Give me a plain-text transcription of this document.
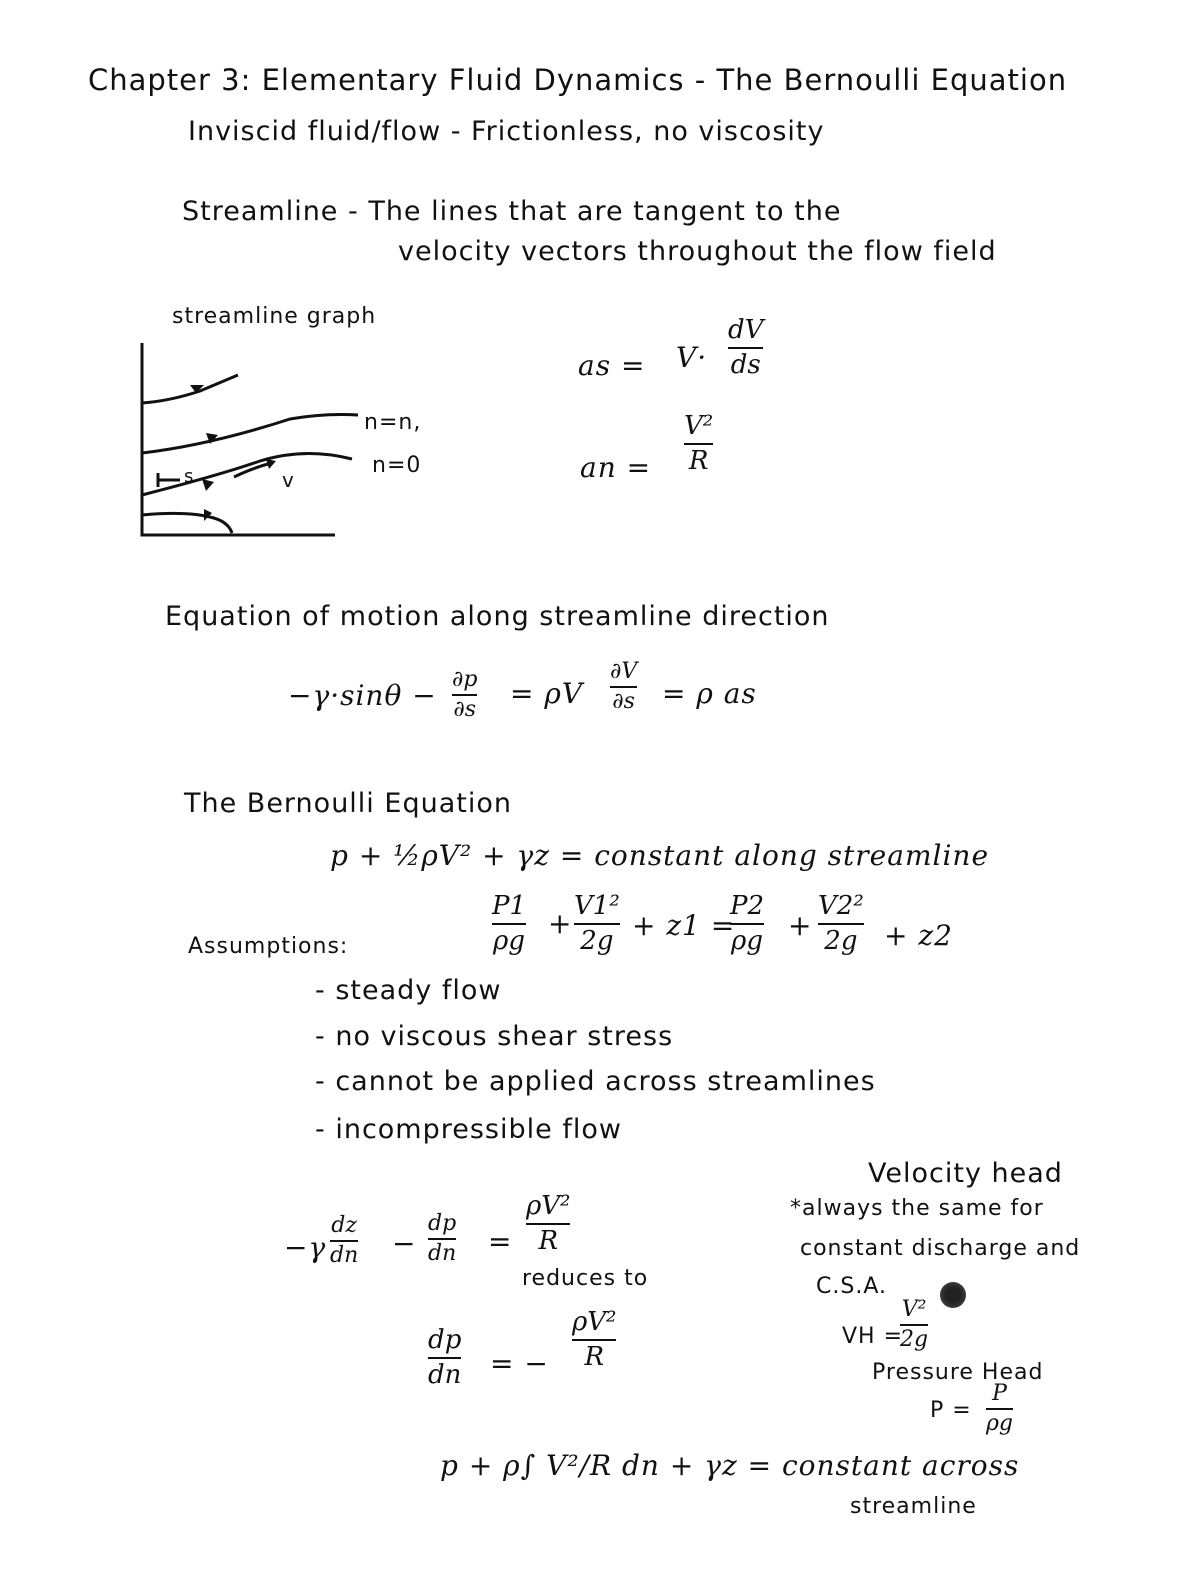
Chapter 3: Elementary Fluid Dynamics - The Bernoulli Equation
Inviscid fluid/flow - Frictionless, no viscosity
Streamline - The lines that are tangent to the
velocity vectors throughout the flow field
streamline graph
n=n,
n=0
s	v
as = V·
dV
ds
an =
V²
R
Equation of motion along streamline direction
−γ·sinθ − ∂p
∂s = ρV
∂V
∂s = ρ as
The Bernoulli Equation
p + ½ρV² + γz = constant along streamline
P1
ρg
+
V1²
2g + z1 =
P2
ρg +
V2²
2g + z2
Assumptions:
- steady flow
- no viscous shear stress
- cannot be applied across streamlines
- incompressible flow
−γ
dz
dn −
dp
dn =
ρV²
R
reduces to
dp
dn = −
ρV²
R
p + ρ∫ V²/R dn + γz = constant across
streamline
Velocity head
*always the same for
constant discharge and
C.S.A.
VH =
V²
2g
Pressure Head
P =
P
ρg
